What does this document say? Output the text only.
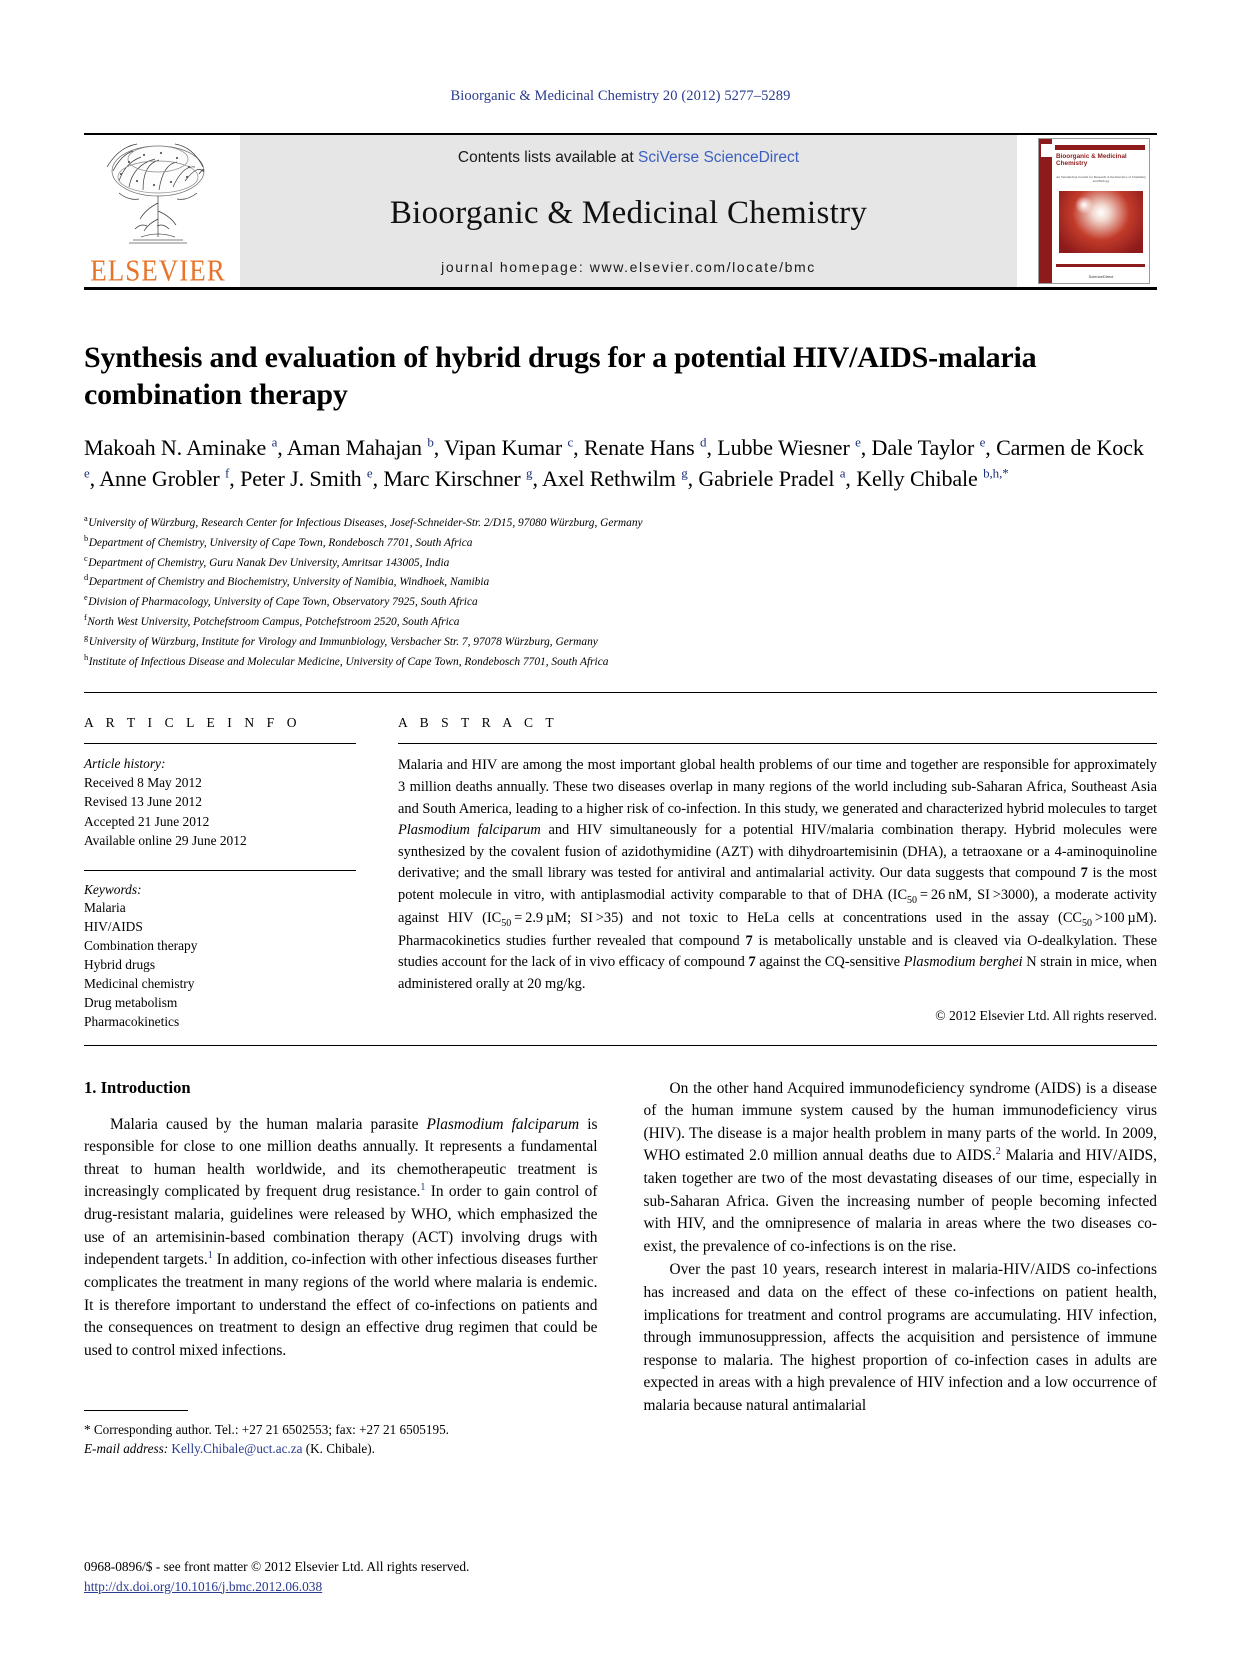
Bioorganic & Medicinal Chemistry 20 (2012) 5277–5289
ELSEVIER
Contents lists available at SciVerse ScienceDirect
Bioorganic & Medicinal Chemistry
journal homepage: www.elsevier.com/locate/bmc
Bioorganic & Medicinal Chemistry
An Tetrahedron Journal for Research at the Interface of Chemistry and Biology
ScienceDirect
Synthesis and evaluation of hybrid drugs for a potential HIV/AIDS-malaria combination therapy
Makoah N. Aminake $^a$, Aman Mahajan $^b$, Vipan Kumar $^c$, Renate Hans $^d$, Lubbe Wiesner $^e$, Dale Taylor $^e$, Carmen de Kock $^e$, Anne Grobler $^f$, Peter J. Smith $^e$, Marc Kirschner $^g$, Axel Rethwilm $^g$, Gabriele Pradel $^a$, Kelly Chibale $^{b,h,*}$
$^a$University of Würzburg, Research Center for Infectious Diseases, Josef-Schneider-Str. 2/D15, 97080 Würzburg, Germany
$^b$Department of Chemistry, University of Cape Town, Rondebosch 7701, South Africa
$^c$Department of Chemistry, Guru Nanak Dev University, Amritsar 143005, India
$^d$Department of Chemistry and Biochemistry, University of Namibia, Windhoek, Namibia
$^e$Division of Pharmacology, University of Cape Town, Observatory 7925, South Africa
$^f$North West University, Potchefstroom Campus, Potchefstroom 2520, South Africa
$^g$University of Würzburg, Institute for Virology and Immunbiology, Versbacher Str. 7, 97078 Würzburg, Germany
$^h$Institute of Infectious Disease and Molecular Medicine, University of Cape Town, Rondebosch 7701, South Africa
A R T I C L E I N F O
Article history:
Received 8 May 2012
Revised 13 June 2012
Accepted 21 June 2012
Available online 29 June 2012
Keywords:
Malaria
HIV/AIDS
Combination therapy
Hybrid drugs
Medicinal chemistry
Drug metabolism
Pharmacokinetics
A B S T R A C T
Malaria and HIV are among the most important global health problems of our time and together are responsible for approximately 3 million deaths annually. These two diseases overlap in many regions of the world including sub-Saharan Africa, Southeast Asia and South America, leading to a higher risk of co-infection. In this study, we generated and characterized hybrid molecules to target Plasmodium falciparum and HIV simultaneously for a potential HIV/malaria combination therapy. Hybrid molecules were synthesized by the covalent fusion of azidothymidine (AZT) with dihydroartemisinin (DHA), a tetraoxane or a 4-aminoquinoline derivative; and the small library was tested for antiviral and antimalarial activity. Our data suggests that compound 7 is the most potent molecule in vitro, with antiplasmodial activity comparable to that of DHA ($IC_{50} = 26$ nM, SI >3000), a moderate activity against HIV ($IC_{50} = 2.9$ µM; SI >35) and not toxic to HeLa cells at concentrations used in the assay ($CC_{50} >100$ µM). Pharmacokinetics studies further revealed that compound 7 is metabolically unstable and is cleaved via O-dealkylation. These studies account for the lack of in vivo efficacy of compound 7 against the CQ-sensitive Plasmodium berghei N strain in mice, when administered orally at 20 mg/kg.
© 2012 Elsevier Ltd. All rights reserved.
1. Introduction

Malaria caused by the human malaria parasite Plasmodium falciparum is responsible for close to one million deaths annually. It represents a fundamental threat to human health worldwide, and its chemotherapeutic treatment is increasingly complicated by frequent drug resistance.$^1$ In order to gain control of drug-resistant malaria, guidelines were released by WHO, which emphasized the use of an artemisinin-based combination therapy (ACT) involving drugs with independent targets.$^1$ In addition, co-infection with other infectious diseases further complicates the treatment in many regions of the world where malaria is endemic. It is therefore important to understand the effect of co-infections on patients and the consequences on treatment to design an effective drug regimen that could be used to control mixed infections.

* Corresponding author. Tel.: +27 21 6502553; fax: +27 21 6505195.
E-mail address: Kelly.Chibale@uct.ac.za (K. Chibale).

On the other hand Acquired immunodeficiency syndrome (AIDS) is a disease of the human immune system caused by the human immunodeficiency virus (HIV). The disease is a major health problem in many parts of the world. In 2009, WHO estimated 2.0 million annual deaths due to AIDS.$^2$ Malaria and HIV/AIDS, taken together are two of the most devastating diseases of our time, especially in sub-Saharan Africa. Given the increasing number of people becoming infected with HIV, and the omnipresence of malaria in areas where the two diseases co-exist, the prevalence of co-infections is on the rise.

Over the past 10 years, research interest in malaria-HIV/AIDS co-infections has increased and data on the effect of these co-infections on patient health, implications for treatment and control programs are accumulating. HIV infection, through immunosuppression, affects the acquisition and persistence of immune response to malaria. The highest proportion of co-infection cases in adults are expected in areas with a high prevalence of HIV infection and a low occurrence of malaria because natural antimalarial

0968-0896/$ - see front matter © 2012 Elsevier Ltd. All rights reserved.
http://dx.doi.org/10.1016/j.bmc.2012.06.038
